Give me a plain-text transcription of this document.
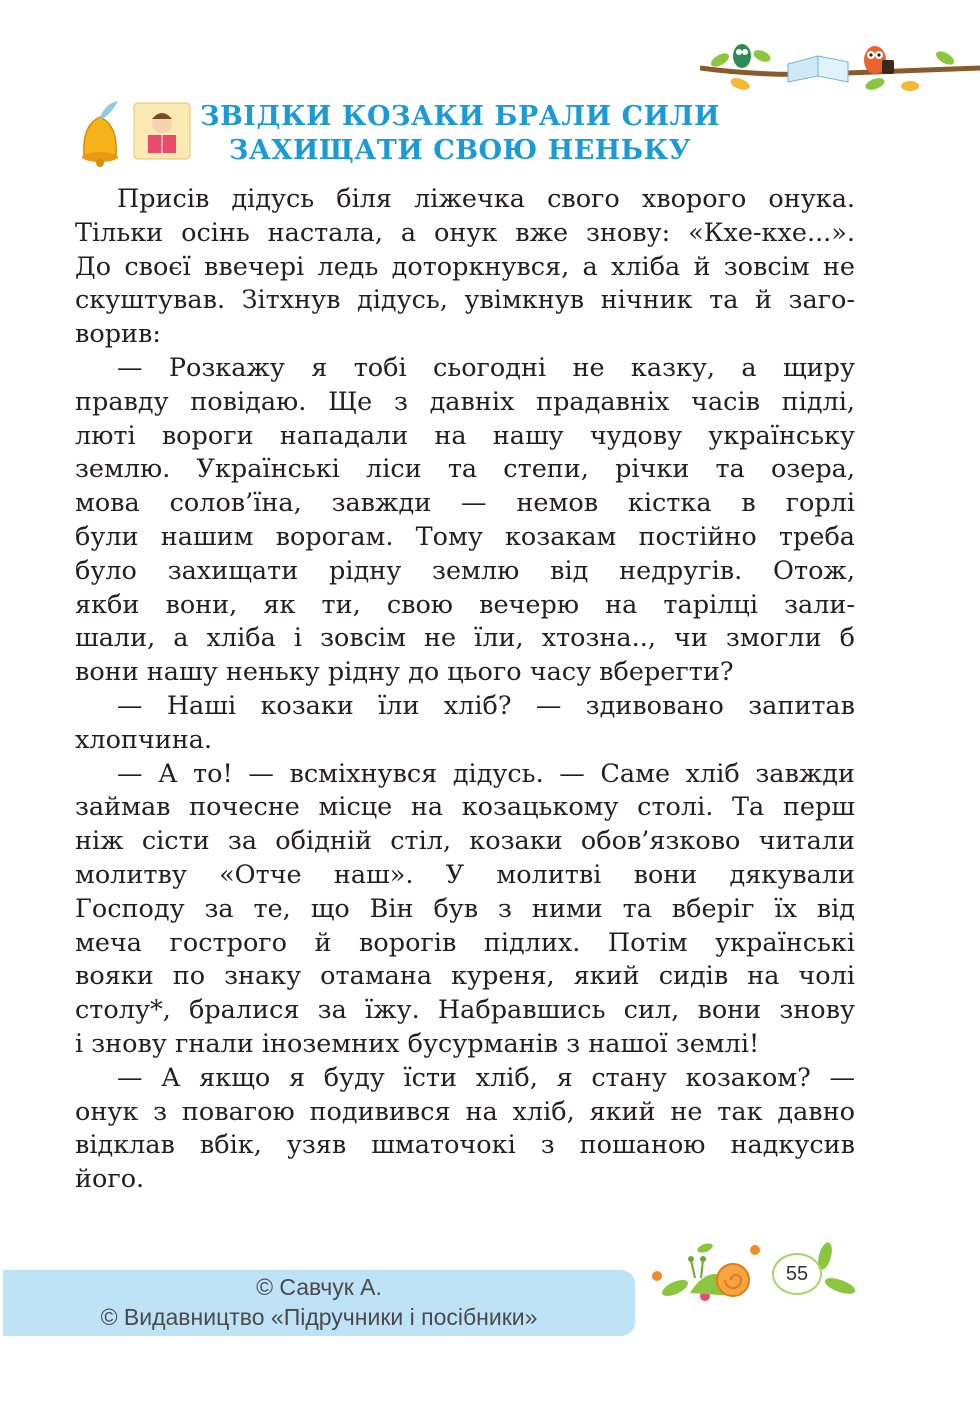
ЗВІДКИ КОЗАКИ БРАЛИ СИЛИ
ЗАХИЩАТИ СВОЮ НЕНЬКУ
Присів дідусь біля ліжечка свого хворого онука.
Тільки осінь настала, а онук вже знову: «Кхе-кхе...».
До своєї ввечері ледь доторкнувся, а хліба й зовсім не
скуштував. Зітхнув дідусь, увімкнув нічник та й заго-
ворив:
— Розкажу я тобі сьогодні не казку, а щиру
правду повідаю. Ще з давніх прадавніх часів підлі,
люті вороги нападали на нашу чудову українську
землю. Українські ліси та степи, річки та озера,
мова солов’їна, завжди — немов кістка в горлі
були нашим ворогам. Тому козакам постійно треба
було захищати рідну землю від недругів. Отож,
якби вони, як ти, свою вечерю на тарілці зали-
шали, а хліба і зовсім не їли, хтозна.., чи змогли б
вони нашу неньку рідну до цього часу вберегти?
— Наші козаки їли хліб? — здивовано запитав
хлопчина.
— А то! — всміхнувся дідусь. — Саме хліб завжди
займав почесне місце на козацькому столі. Та перш
ніж сісти за обідній стіл, козаки обов’язково читали
молитву «Отче наш». У молитві вони дякували
Господу за те, що Він був з ними та вберіг їх від
меча гострого й ворогів підлих. Потім українські
вояки по знаку отамана куреня, який сидів на чолі
столу*, бралися за їжу. Набравшись сил, вони знову
і знову гнали іноземних бусурманів з нашої землі!
— А якщо я буду їсти хліб, я стану козаком? —
онук з повагою подивився на хліб, який не так давно
відклав вбік, узяв шматочокі з пошаною надкусив
його.
55
© Савчук А.
© Видавництво «Підручники і посібники»
